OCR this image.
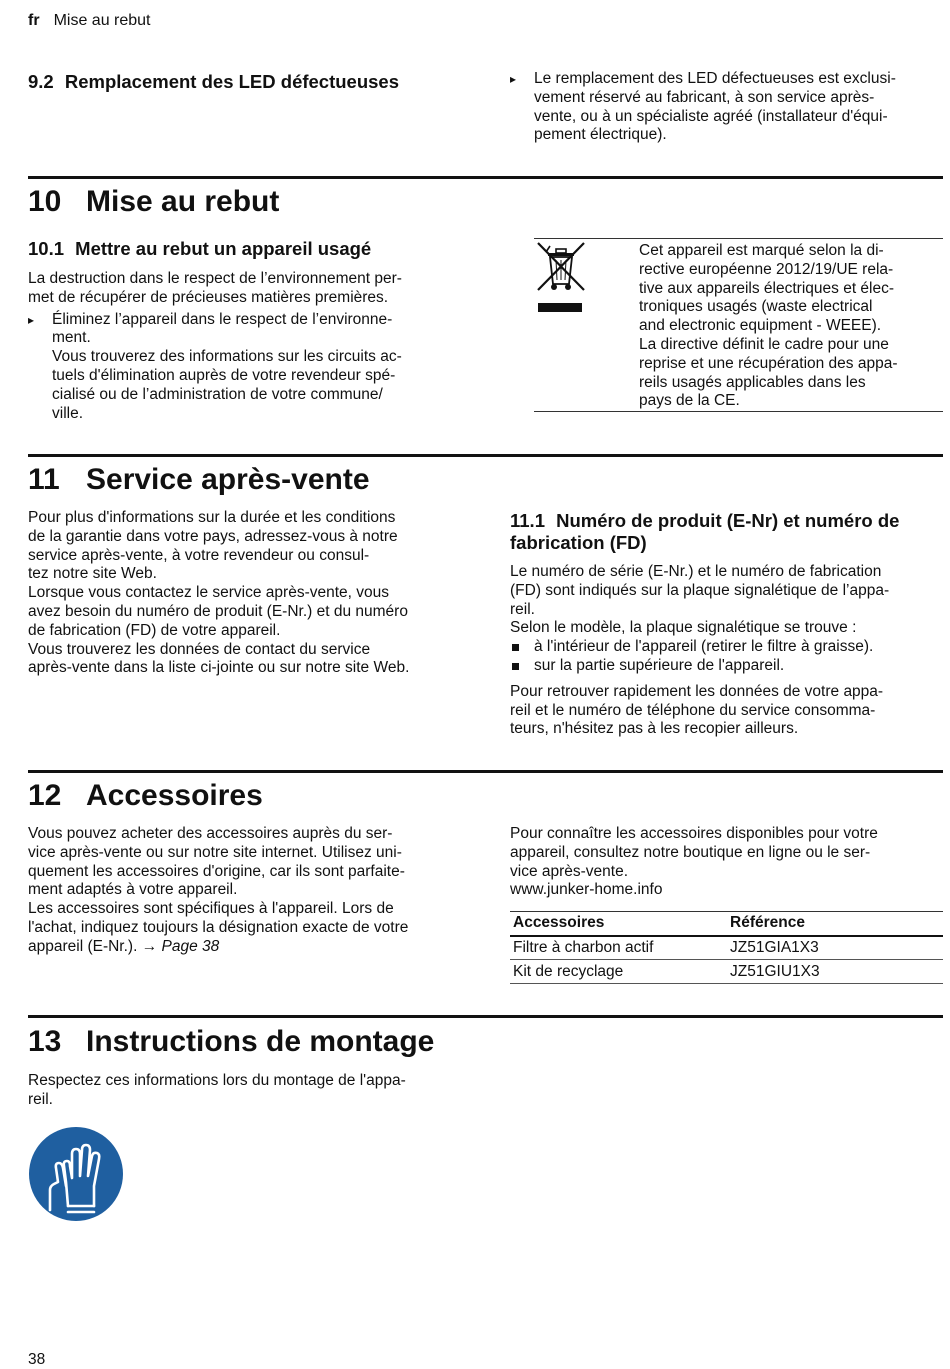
fr Mise au rebut
9.2 Remplacement des LED défectueuses	▸ Le remplacement des LED défectueuses est exclusi-
vement réservé au fabricant, à son service après-
vente, ou à un spécialiste agréé (installateur d'équi-
pement électrique).
10 Mise au rebut
10.1 Mettre au rebut un appareil usagé
La destruction dans le respect de l’environnement per-
met de récupérer de précieuses matières premières.
▸ Éliminez l’appareil dans le respect de l’environne-
ment.
Vous trouverez des informations sur les circuits ac-
tuels d'élimination auprès de votre revendeur spé-
cialisé ou de l’administration de votre commune/
ville.
Cet appareil est marqué selon la di-
rective européenne 2012/19/UE rela-
tive aux appareils électriques et élec-
troniques usagés (waste electrical
and electronic equipment - WEEE).
La directive définit le cadre pour une
reprise et une récupération des appa-
reils usagés applicables dans les
pays de la CE.
11 Service après-vente
Pour plus d'informations sur la durée et les conditions
de la garantie dans votre pays, adressez-vous à notre
service après-vente, à votre revendeur ou consul-
tez notre site Web.
Lorsque vous contactez le service après-vente, vous
avez besoin du numéro de produit (E-Nr.) et du numéro
de fabrication (FD) de votre appareil.
Vous trouverez les données de contact du service
après-vente dans la liste ci-jointe ou sur notre site Web.
11.1 Numéro de produit (E-Nr) et numéro de
fabrication (FD)
Le numéro de série (E-Nr.) et le numéro de fabrication
(FD) sont indiqués sur la plaque signalétique de l’appa-
reil.
Selon le modèle, la plaque signalétique se trouve :
à l'intérieur de l'appareil (retirer le filtre à graisse).
sur la partie supérieure de l'appareil.
Pour retrouver rapidement les données de votre appa-
reil et le numéro de téléphone du service consomma-
teurs, n'hésitez pas à les recopier ailleurs.
12 Accessoires
Vous pouvez acheter des accessoires auprès du ser-
vice après-vente ou sur notre site internet. Utilisez uni-
quement les accessoires d'origine, car ils sont parfaite-
ment adaptés à votre appareil.
Les accessoires sont spécifiques à l'appareil. Lors de
l'achat, indiquez toujours la désignation exacte de votre
appareil (E-Nr.). → Page 38
Pour connaître les accessoires disponibles pour votre
appareil, consultez notre boutique en ligne ou le ser-
vice après-vente.
www.junker-home.info
Accessoires	Référence
Filtre à charbon actif	JZ51GIA1X3
Kit de recyclage	JZ51GIU1X3
13 Instructions de montage
Respectez ces informations lors du montage de l'appa-
reil.
38
